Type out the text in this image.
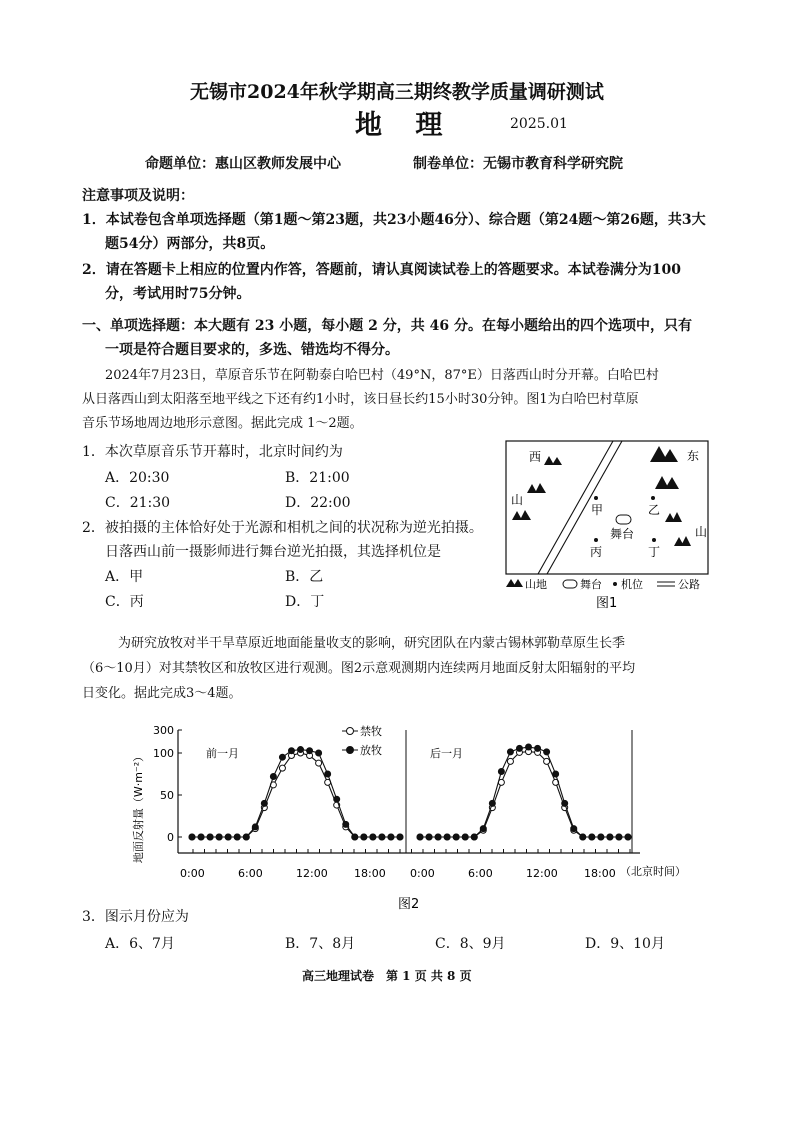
无锡市2024年秋学期高三期终教学质量调研测试
地 理	2025.01
命题单位：惠山区教师发展中心	制卷单位：无锡市教育科学研究院
注意事项及说明：
1．本试卷包含单项选择题（第1题～第23题，共23小题46分）、综合题（第24题～第26题，共3大
题54分）两部分，共8页。
2．请在答题卡上相应的位置内作答，答题前，请认真阅读试卷上的答题要求。本试卷满分为100
分，考试用时75分钟。
一、单项选择题：本大题有 23 小题，每小题 2 分，共 46 分。在每小题给出的四个选项中，只有
一项是符合题目要求的，多选、错选均不得分。
2024年7月23日，草原音乐节在阿勒泰白哈巴村（49°N，87°E）日落西山时分开幕。白哈巴村
从日落西山到太阳落至地平线之下还有约1小时，该日昼长约15小时30分钟。图1为白哈巴村草原
音乐节场地周边地形示意图。据此完成 1～2题。
1．本次草原音乐节开幕时，北京时间约为
A．20:30	B．21:00
C．21:30	D．22:00
2．被拍摄的主体恰好处于光源和相机之间的状况称为逆光拍摄。
日落西山前一摄影师进行舞台逆光拍摄，其选择机位是
A．甲	B．乙
C．丙	D．丁
西
山
东
山
甲	乙
丙	丁
舞台
山地	舞台 机位	公路
图1
为研究放牧对半干旱草原近地面能量收支的影响，研究团队在内蒙古锡林郭勒草原生长季
（6～10月）对其禁牧区和放牧区进行观测。图2示意观测期内连续两月地面反射太阳辐射的平均
日变化。据此完成3～4题。
地面反射量（W·m⁻²）
禁牧
放牧
前一月	后一月
（北京时间）
图2
300
100
50
0
0:00	6:00	12:00 18:00 0:00	6:00	12:00 18:00
3．图示月份应为
A．6、7月	B．7、8月	C．8、9月	D．9、10月
高三地理试卷　第 1 页 共 8 页
